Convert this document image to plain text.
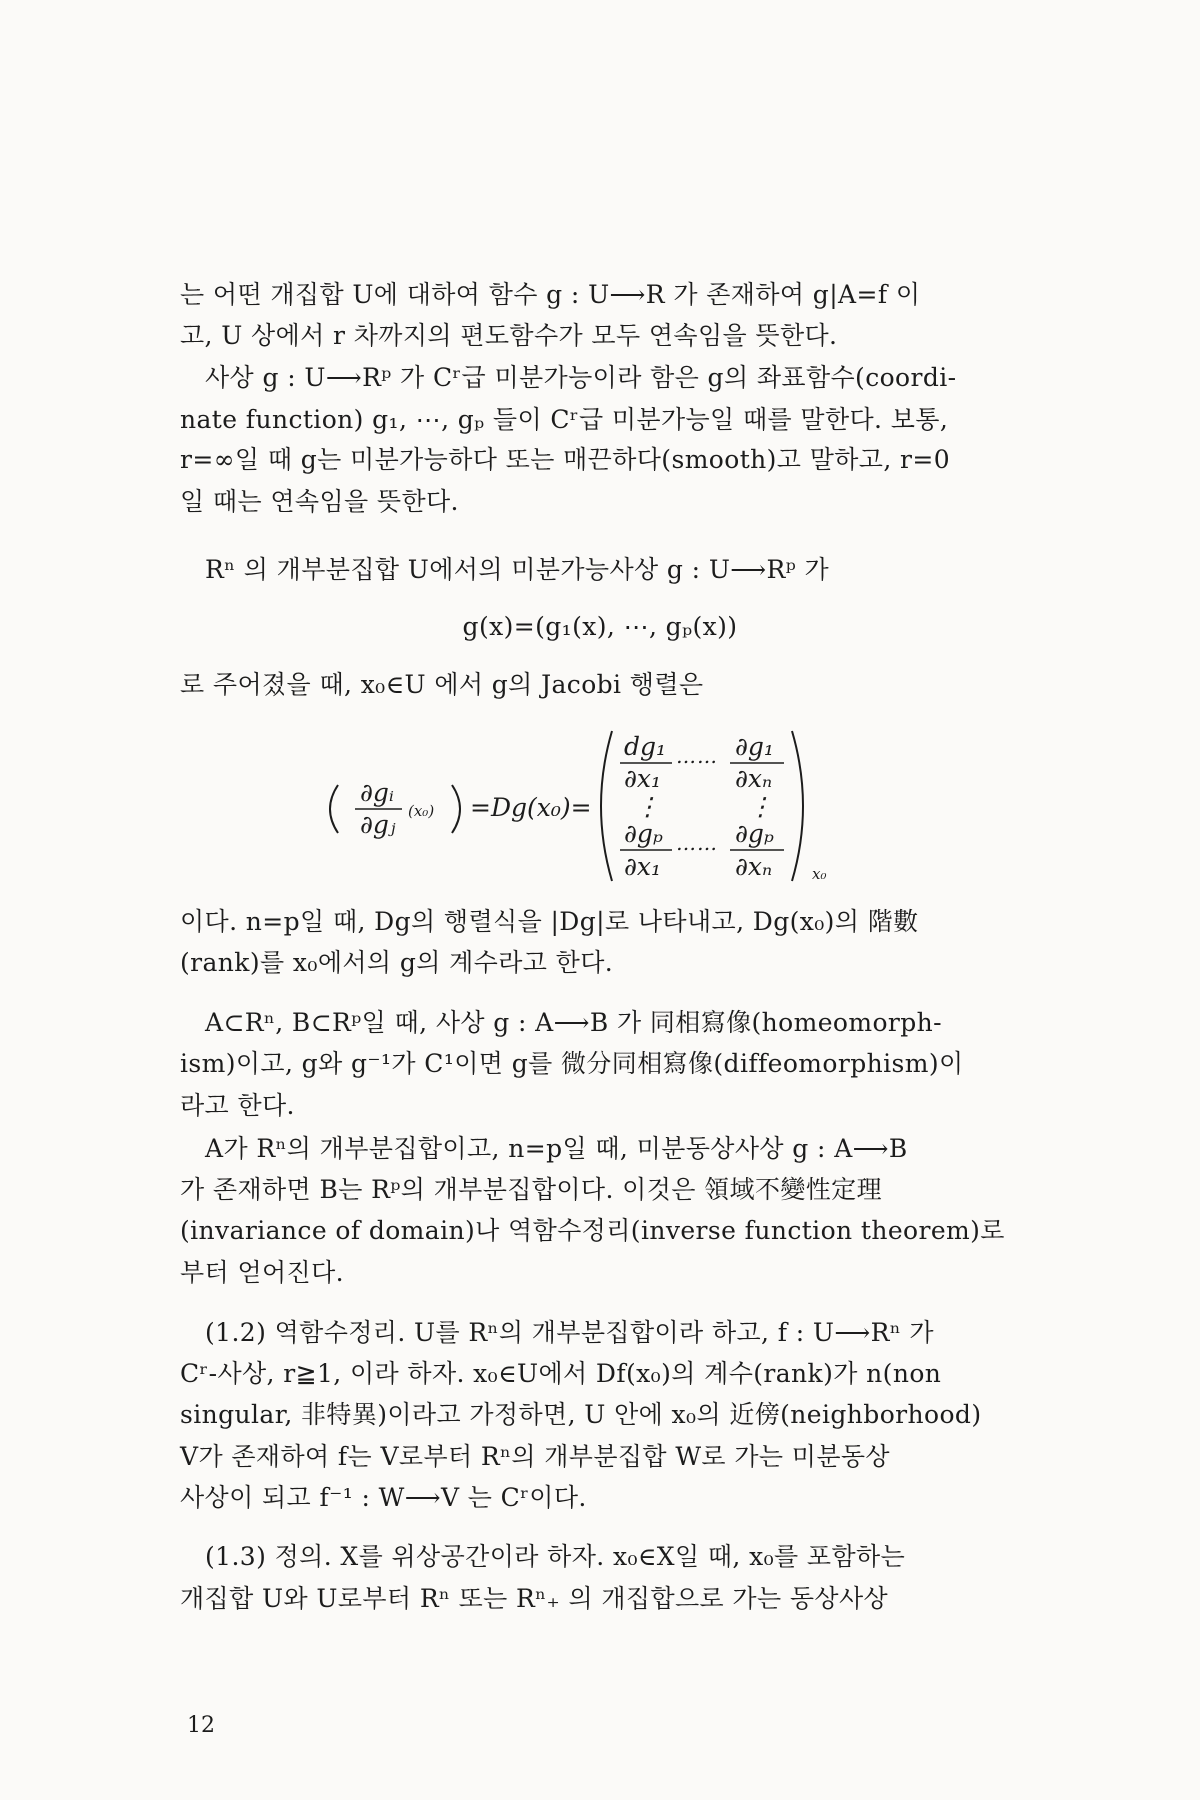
는 어떤 개집합 U에 대하여 함수 g : U⟶R 가 존재하여 g|A=f 이
고, U 상에서 r 차까지의 편도함수가 모두 연속임을 뜻한다.
사상 g : U⟶Rᵖ 가 Cʳ급 미분가능이라 함은 g의 좌표함수(coordi-
nate function) g₁, ⋯, gₚ 들이 Cʳ급 미분가능일 때를 말한다. 보통,
r=∞일 때 g는 미분가능하다 또는 매끈하다(smooth)고 말하고, r=0
일 때는 연속임을 뜻한다.
Rⁿ 의 개부분집합 U에서의 미분가능사상 g : U⟶Rᵖ 가
g(x)=(g₁(x), ⋯, gₚ(x))
로 주어졌을 때, x₀∈U 에서 g의 Jacobi 행렬은
∂gᵢ
∂gⱼ (x₀) =Dg(x₀)=
dg₁
∂x₁
…… ∂g₁
∂xₙ
⋮	⋮
∂gₚ
∂x₁
…… ∂gₚ
∂xₙ	x₀
이다. n=p일 때, Dg의 행렬식을 |Dg|로 나타내고, Dg(x₀)의 階數
(rank)를 x₀에서의 g의 계수라고 한다.
A⊂Rⁿ, B⊂Rᵖ일 때, 사상 g : A⟶B 가 同相寫像(homeomorph-
ism)이고, g와 g⁻¹가 C¹이면 g를 微分同相寫像(diffeomorphism)이
라고 한다.
A가 Rⁿ의 개부분집합이고, n=p일 때, 미분동상사상 g : A⟶B
가 존재하면 B는 Rᵖ의 개부분집합이다. 이것은 領域不變性定理
(invariance of domain)나 역함수정리(inverse function theorem)로
부터 얻어진다.
(1.2) 역함수정리. U를 Rⁿ의 개부분집합이라 하고, f : U⟶Rⁿ 가
Cʳ-사상, r≧1, 이라 하자. x₀∈U에서 Df(x₀)의 계수(rank)가 n(non
singular, 非特異)이라고 가정하면, U 안에 x₀의 近傍(neighborhood)
V가 존재하여 f는 V로부터 Rⁿ의 개부분집합 W로 가는 미분동상
사상이 되고 f⁻¹ : W⟶V 는 Cʳ이다.
(1.3) 정의. X를 위상공간이라 하자. x₀∈X일 때, x₀를 포함하는
개집합 U와 U로부터 Rⁿ 또는 Rⁿ₊ 의 개집합으로 가는 동상사상
12
